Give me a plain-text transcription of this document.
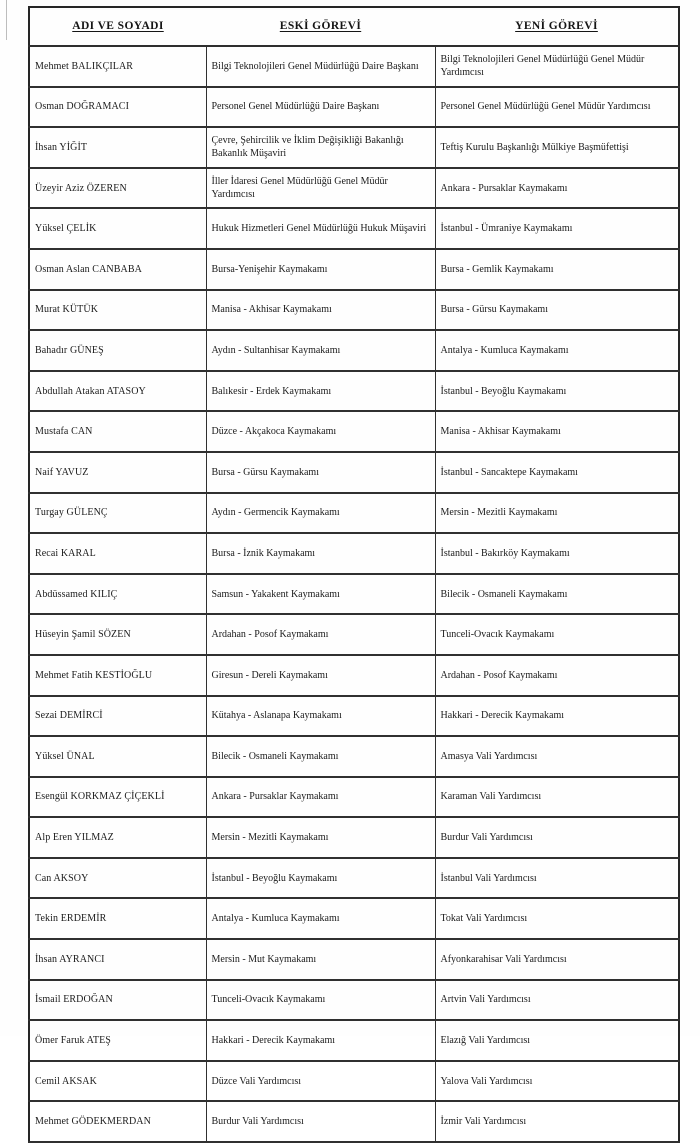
ADI VE SOYADI	ESKİ GÖREVİ	YENİ GÖREVİ
Mehmet BALIKÇILAR	Bilgi Teknolojileri Genel Müdürlüğü Daire Başkanı	Bilgi Teknolojileri Genel Müdürlüğü Genel Müdür Yardımcısı
Osman DOĞRAMACI	Personel Genel Müdürlüğü Daire Başkanı	Personel Genel Müdürlüğü Genel Müdür Yardımcısı
İhsan YİĞİT	Çevre, Şehircilik ve İklim Değişikliği Bakanlığı Bakanlık Müşaviri	Teftiş Kurulu Başkanlığı Mülkiye Başmüfettişi
Üzeyir Aziz ÖZEREN	İller İdaresi Genel Müdürlüğü Genel Müdür Yardımcısı	Ankara - Pursaklar Kaymakamı
Yüksel ÇELİK	Hukuk Hizmetleri Genel Müdürlüğü Hukuk Müşaviri	İstanbul - Ümraniye Kaymakamı
Osman Aslan CANBABA	Bursa-Yenişehir Kaymakamı	Bursa - Gemlik Kaymakamı
Murat KÜTÜK	Manisa - Akhisar Kaymakamı	Bursa - Gürsu Kaymakamı
Bahadır GÜNEŞ	Aydın - Sultanhisar Kaymakamı	Antalya - Kumluca Kaymakamı
Abdullah Atakan ATASOY	Balıkesir - Erdek Kaymakamı	İstanbul - Beyoğlu Kaymakamı
Mustafa CAN	Düzce - Akçakoca Kaymakamı	Manisa - Akhisar Kaymakamı
Naif YAVUZ	Bursa - Gürsu Kaymakamı	İstanbul - Sancaktepe Kaymakamı
Turgay GÜLENÇ	Aydın - Germencik Kaymakamı	Mersin - Mezitli Kaymakamı
Recai KARAL	Bursa - İznik Kaymakamı	İstanbul - Bakırköy Kaymakamı
Abdüssamed KILIÇ	Samsun - Yakakent Kaymakamı	Bilecik - Osmaneli Kaymakamı
Hüseyin Şamil SÖZEN	Ardahan - Posof Kaymakamı	Tunceli-Ovacık Kaymakamı
Mehmet Fatih KESTİOĞLU	Giresun - Dereli Kaymakamı	Ardahan - Posof Kaymakamı
Sezai DEMİRCİ	Kütahya - Aslanapa Kaymakamı	Hakkari - Derecik Kaymakamı
Yüksel ÜNAL	Bilecik - Osmaneli Kaymakamı	Amasya Vali Yardımcısı
Esengül KORKMAZ ÇİÇEKLİ	Ankara - Pursaklar Kaymakamı	Karaman Vali Yardımcısı
Alp Eren YILMAZ	Mersin - Mezitli Kaymakamı	Burdur Vali Yardımcısı
Can AKSOY	İstanbul - Beyoğlu Kaymakamı	İstanbul Vali Yardımcısı
Tekin ERDEMİR	Antalya - Kumluca Kaymakamı	Tokat Vali Yardımcısı
İhsan AYRANCI	Mersin - Mut Kaymakamı	Afyonkarahisar Vali Yardımcısı
İsmail ERDOĞAN	Tunceli-Ovacık Kaymakamı	Artvin Vali Yardımcısı
Ömer Faruk ATEŞ	Hakkari - Derecik Kaymakamı	Elazığ Vali Yardımcısı
Cemil AKSAK	Düzce Vali Yardımcısı	Yalova Vali Yardımcısı
Mehmet GÖDEKMERDAN	Burdur Vali Yardımcısı	İzmir Vali Yardımcısı
